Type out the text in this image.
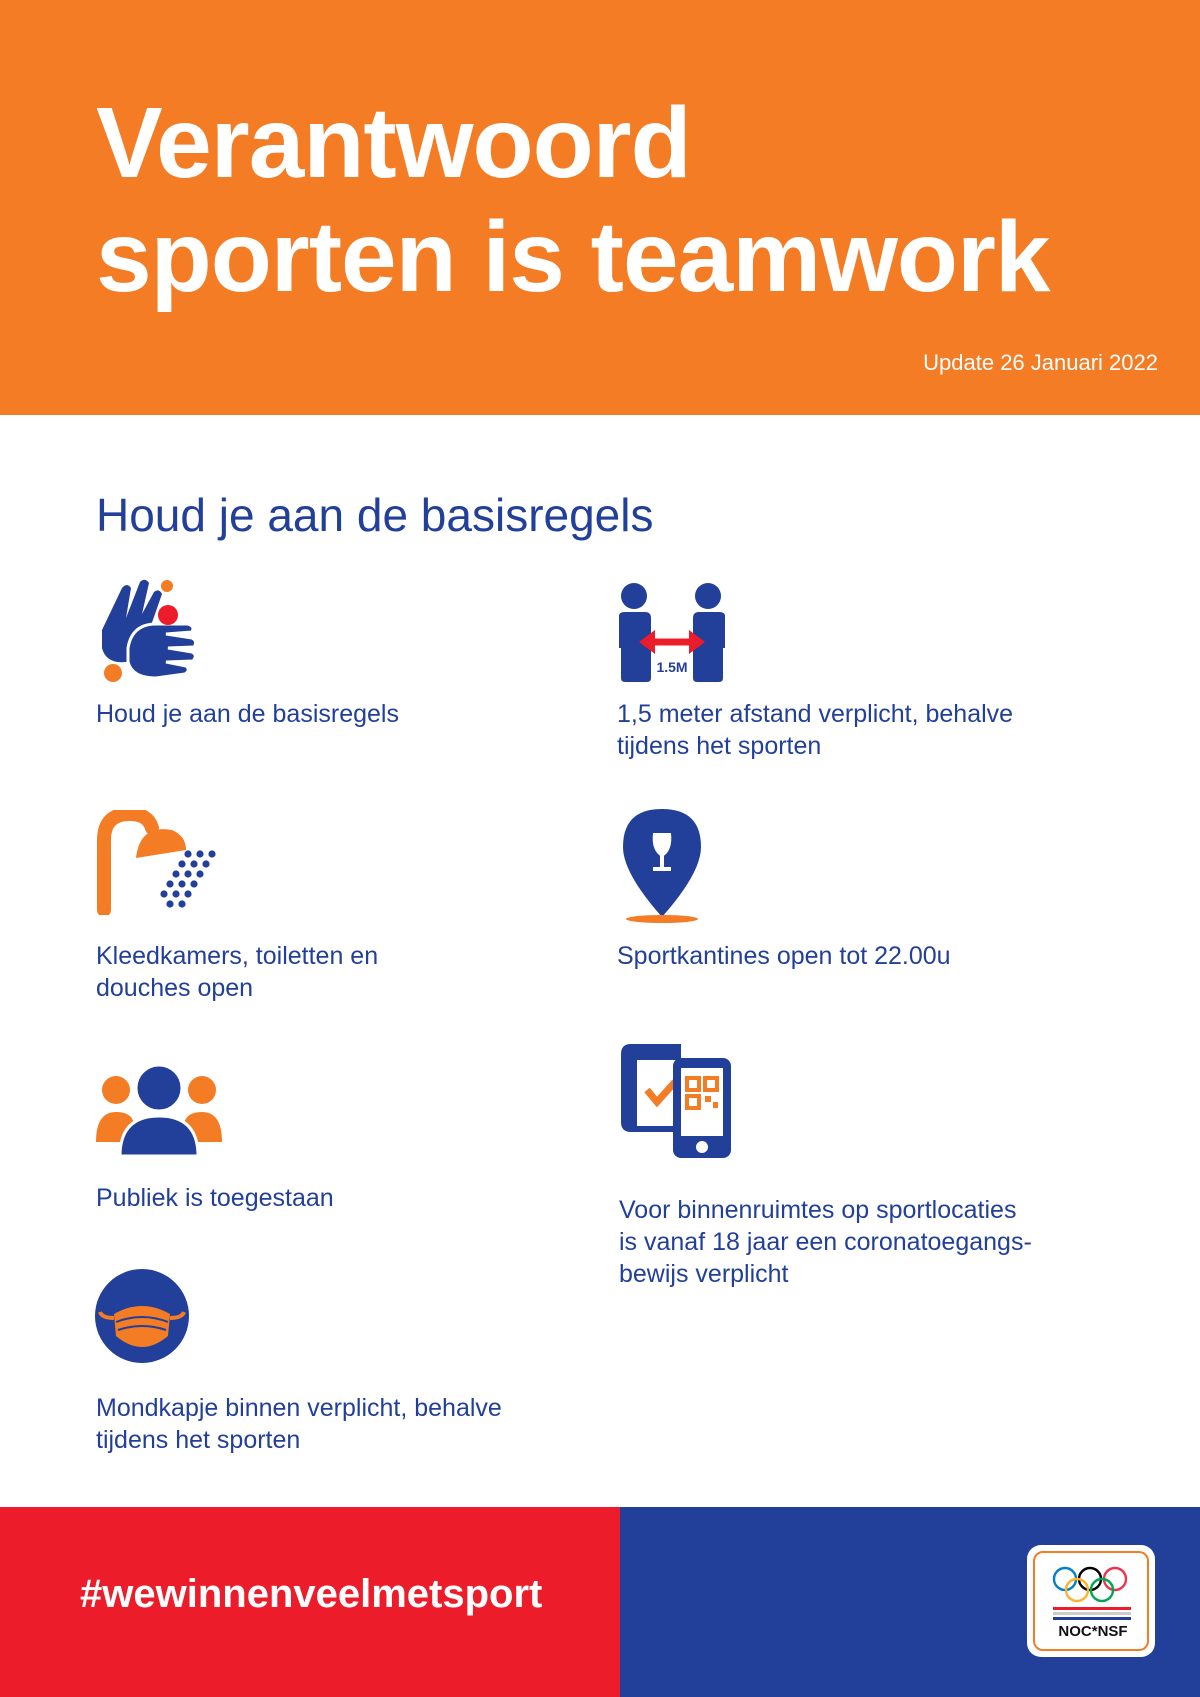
Verantwoord
sporten is teamwork
Update 26 Januari 2022
Houd je aan de basisregels
Houd je aan de basisregels
1.5M
1,5 meter afstand verplicht, behalve
tijdens het sporten
Kleedkamers, toiletten en
douches open
Sportkantines open tot 22.00u
Publiek is toegestaan	Voor binnenruimtes op sportlocaties
is vanaf 18 jaar een coronatoegangs-
bewijs verplicht
Mondkapje binnen verplicht, behalve
tijdens het sporten
#wewinnenveelmetsport
NOC*NSF
